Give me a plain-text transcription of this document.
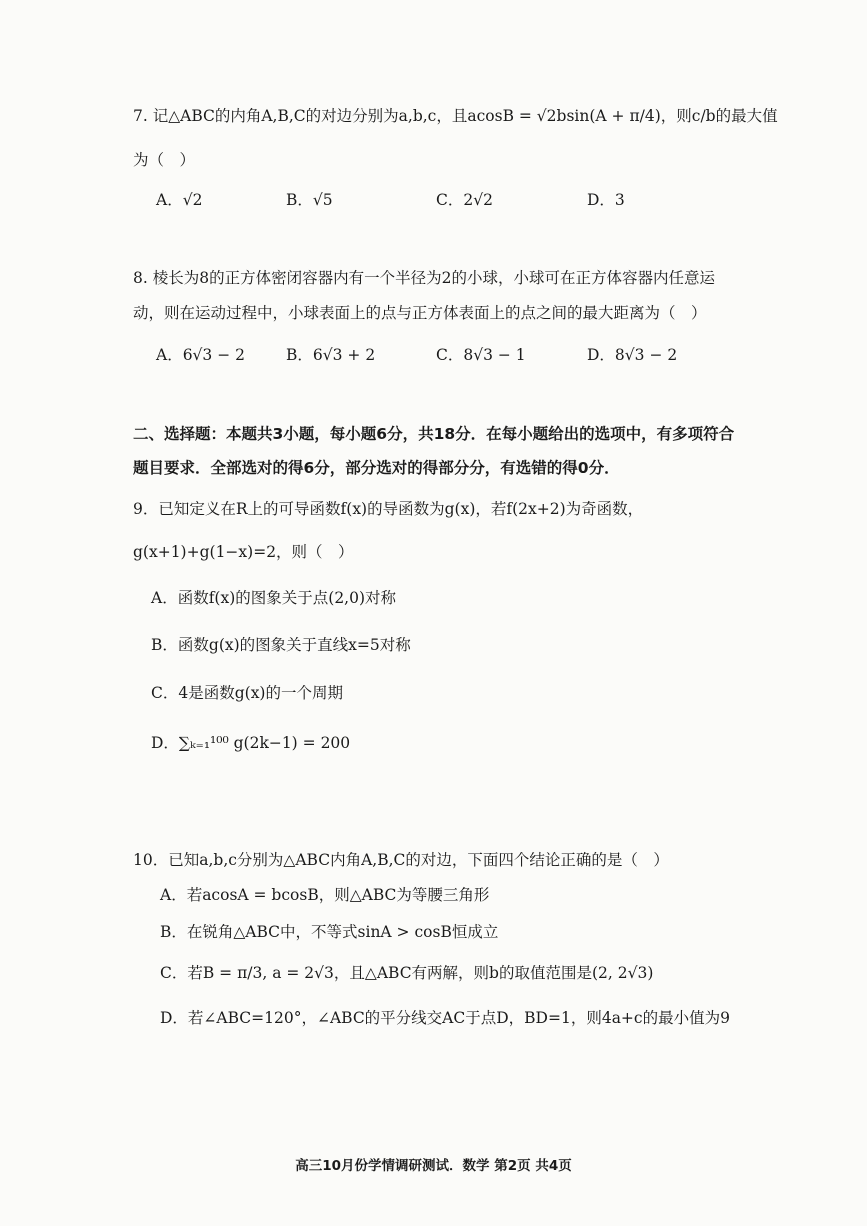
7. 记△ABC的内角A,B,C的对边分别为a,b,c，且acosB = √2bsin(A + π/4)，则c/b的最大值
为（　）
A．√2	B．√5	C．2√2	D．3
8. 棱长为8的正方体密闭容器内有一个半径为2的小球，小球可在正方体容器内任意运
动，则在运动过程中，小球表面上的点与正方体表面上的点之间的最大距离为（　）
A．6√3 − 2	B．6√3 + 2	C．8√3 − 1	D．8√3 − 2
二、选择题：本题共3小题，每小题6分，共18分．在每小题给出的选项中，有多项符合
题目要求．全部选对的得6分，部分选对的得部分分，有选错的得0分．
9．已知定义在R上的可导函数f(x)的导函数为g(x)，若f(2x+2)为奇函数，
g(x+1)+g(1−x)=2，则（　）
A．函数f(x)的图象关于点(2,0)对称
B．函数g(x)的图象关于直线x=5对称
C．4是函数g(x)的一个周期
D．∑ₖ₌₁¹⁰⁰ g(2k−1) = 200
10．已知a,b,c分别为△ABC内角A,B,C的对边，下面四个结论正确的是（　）
A．若acosA = bcosB，则△ABC为等腰三角形
B．在锐角△ABC中，不等式sinA > cosB恒成立
C．若B = π/3, a = 2√3，且△ABC有两解，则b的取值范围是(2, 2√3)
D．若∠ABC=120°，∠ABC的平分线交AC于点D，BD=1，则4a+c的最小值为9
高三10月份学情调研测试．数学 第2页 共4页
